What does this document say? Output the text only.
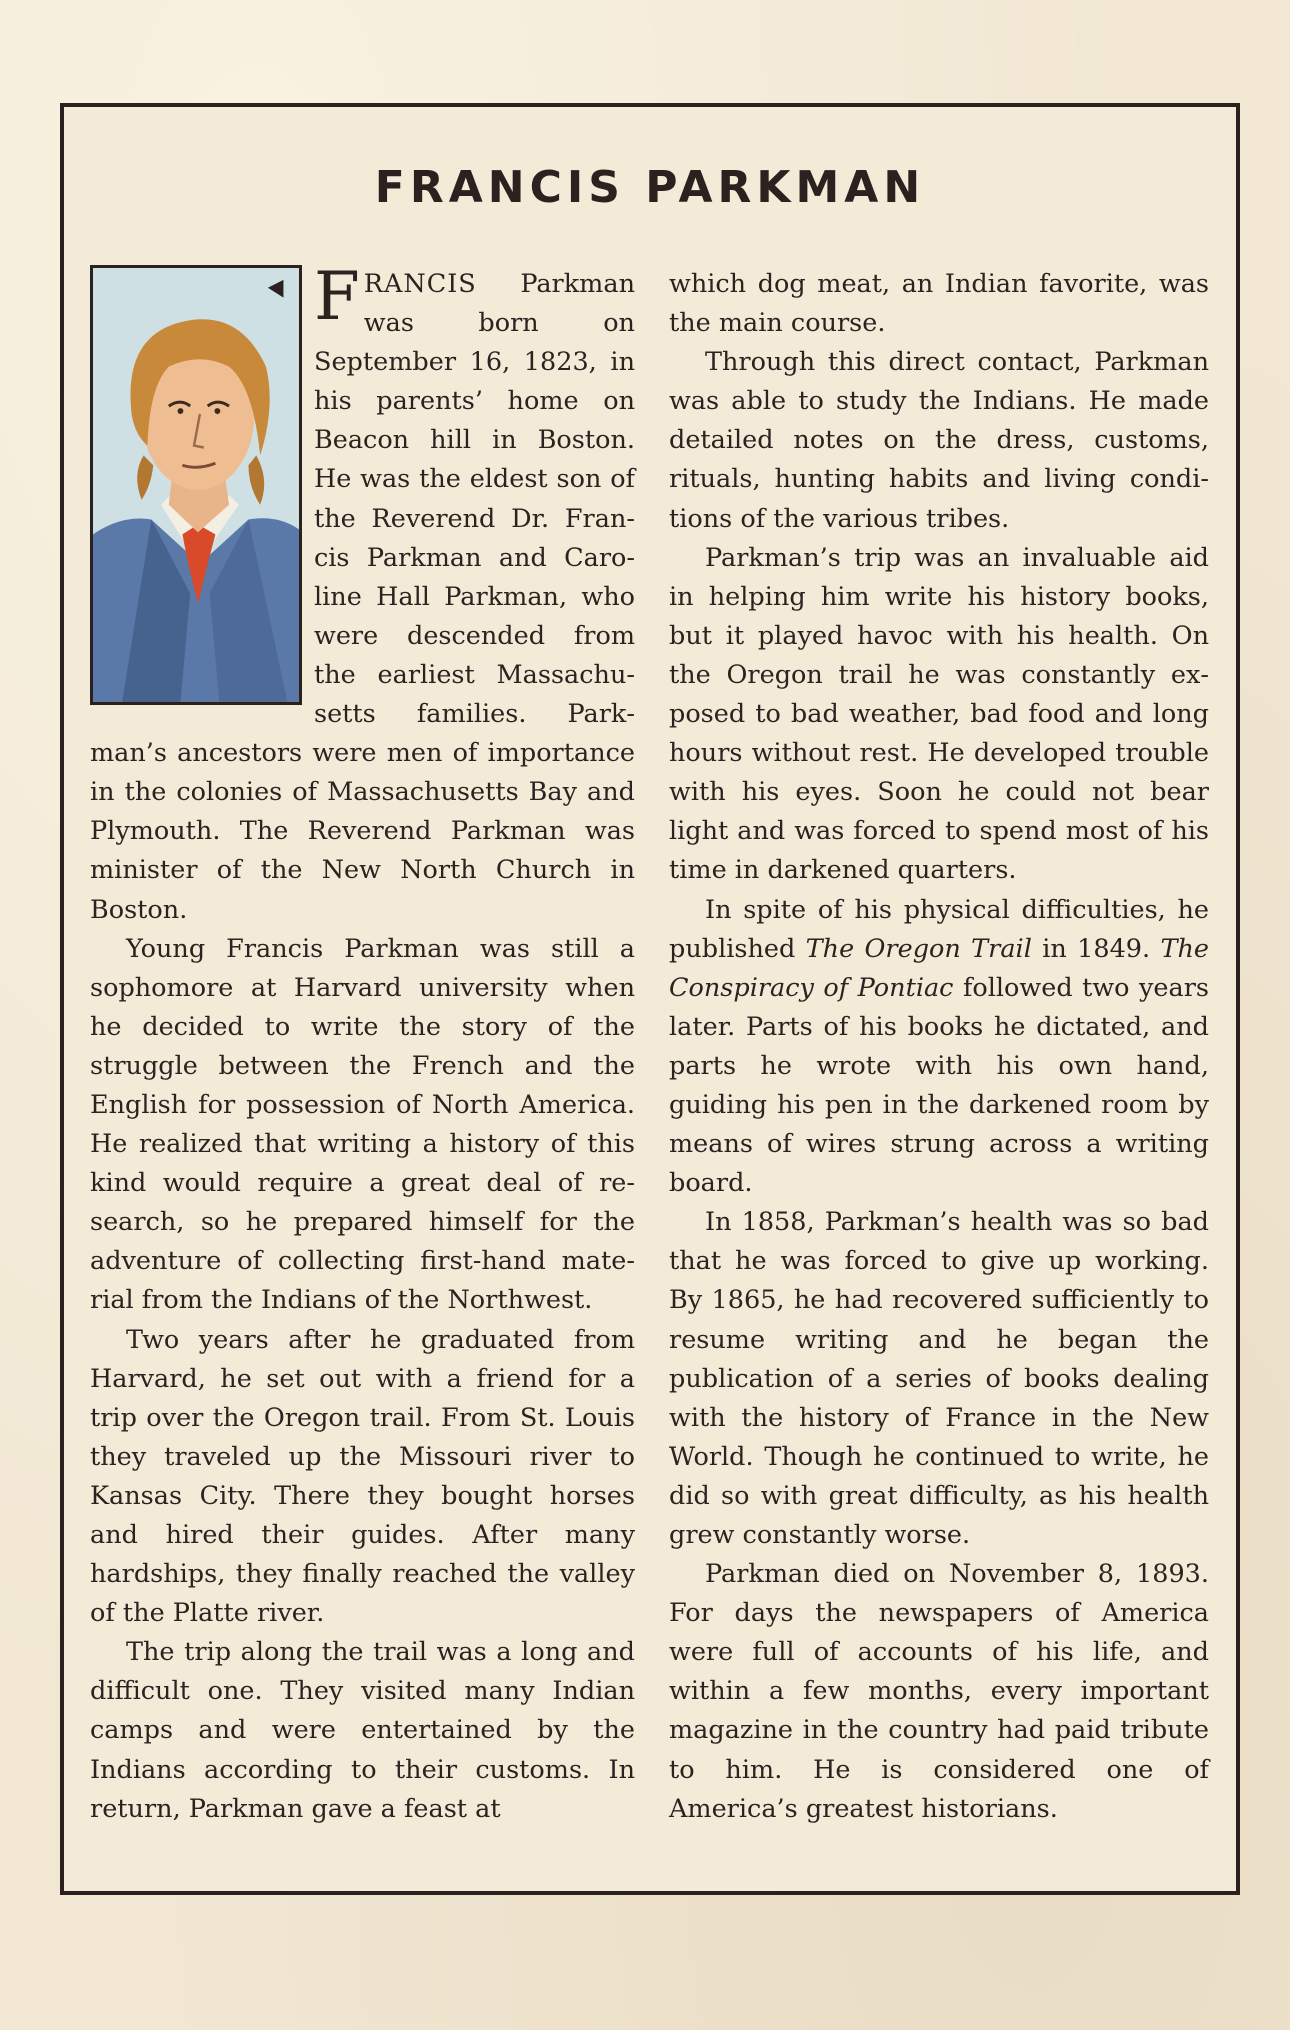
FRANCIS PARKMAN

FRANCIS Parkman was born on September 16, 1823, in his parents’ home on Beacon hill in Boston. He was the eldest son of the Reverend Dr. Francis Parkman and Caroline Hall Parkman, who were descended from the earliest Massachusetts families. Parkman’s ancestors were men of importance in the colonies of Massachusetts Bay and Plymouth. The Reverend Parkman was minister of the New North Church in Boston.

Young Francis Parkman was still a sophomore at Harvard university when he decided to write the story of the struggle between the French and the English for possession of North America. He realized that writing a history of this kind would require a great deal of research, so he prepared himself for the adventure of collecting first-hand material from the Indians of the Northwest.

Two years after he graduated from Harvard, he set out with a friend for a trip over the Oregon trail. From St. Louis they traveled up the Missouri river to Kansas City. There they bought horses and hired their guides. After many hardships, they finally reached the valley of the Platte river.

The trip along the trail was a long and difficult one. They visited many Indian camps and were entertained by the Indians according to their customs. In return, Parkman gave a feast at

which dog meat, an Indian favorite, was the main course.

Through this direct contact, Parkman was able to study the Indians. He made detailed notes on the dress, customs, rituals, hunting habits and living conditions of the various tribes.

Parkman’s trip was an invaluable aid in helping him write his history books, but it played havoc with his health. On the Oregon trail he was constantly exposed to bad weather, bad food and long hours without rest. He developed trouble with his eyes. Soon he could not bear light and was forced to spend most of his time in darkened quarters.

In spite of his physical difficulties, he published The Oregon Trail in 1849. The Conspiracy of Pontiac followed two years later. Parts of his books he dictated, and parts he wrote with his own hand, guiding his pen in the darkened room by means of wires strung across a writing board.

In 1858, Parkman’s health was so bad that he was forced to give up working. By 1865, he had recovered sufficiently to resume writing and he began the publication of a series of books dealing with the history of France in the New World. Though he continued to write, he did so with great difficulty, as his health grew constantly worse.

Parkman died on November 8, 1893. For days the newspapers of America were full of accounts of his life, and within a few months, every important magazine in the country had paid tribute to him. He is considered one of America’s greatest historians.
